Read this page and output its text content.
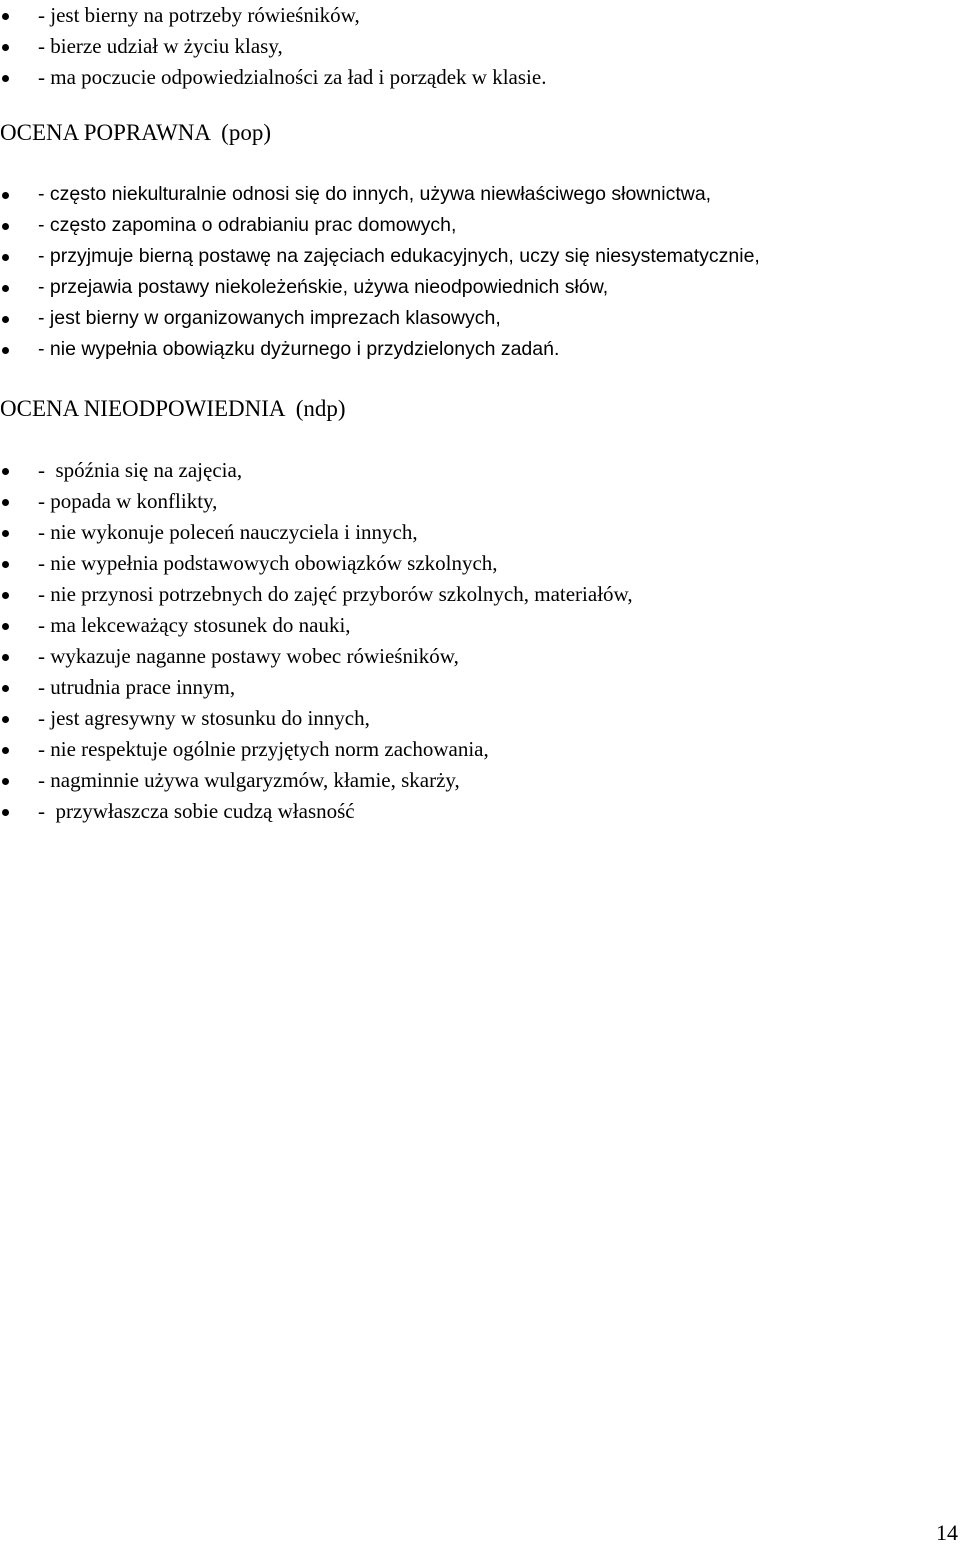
- jest bierny na potrzeby rówieśników,
- bierze udział w życiu klasy,
- ma poczucie odpowiedzialności za ład i porządek w klasie.
OCENA POPRAWNA  (pop)
- często niekulturalnie odnosi się do innych, używa niewłaściwego słownictwa,
- często zapomina o odrabianiu prac domowych,
- przyjmuje bierną postawę na zajęciach edukacyjnych, uczy się niesystematycznie,
- przejawia postawy niekoleżeńskie, używa nieodpowiednich słów,
- jest bierny w organizowanych imprezach klasowych,
- nie wypełnia obowiązku dyżurnego i przydzielonych zadań.
OCENA NIEODPOWIEDNIA  (ndp)
-  spóźnia się na zajęcia,
- popada w konflikty,
- nie wykonuje poleceń nauczyciela i innych,
- nie wypełnia podstawowych obowiązków szkolnych,
- nie przynosi potrzebnych do zajęć przyborów szkolnych, materiałów,
- ma lekceważący stosunek do nauki,
- wykazuje naganne postawy wobec rówieśników,
- utrudnia prace innym,
- jest agresywny w stosunku do innych,
- nie respektuje ogólnie przyjętych norm zachowania,
- nagminnie używa wulgaryzmów, kłamie, skarży,
-  przywłaszcza sobie cudzą własność
14
